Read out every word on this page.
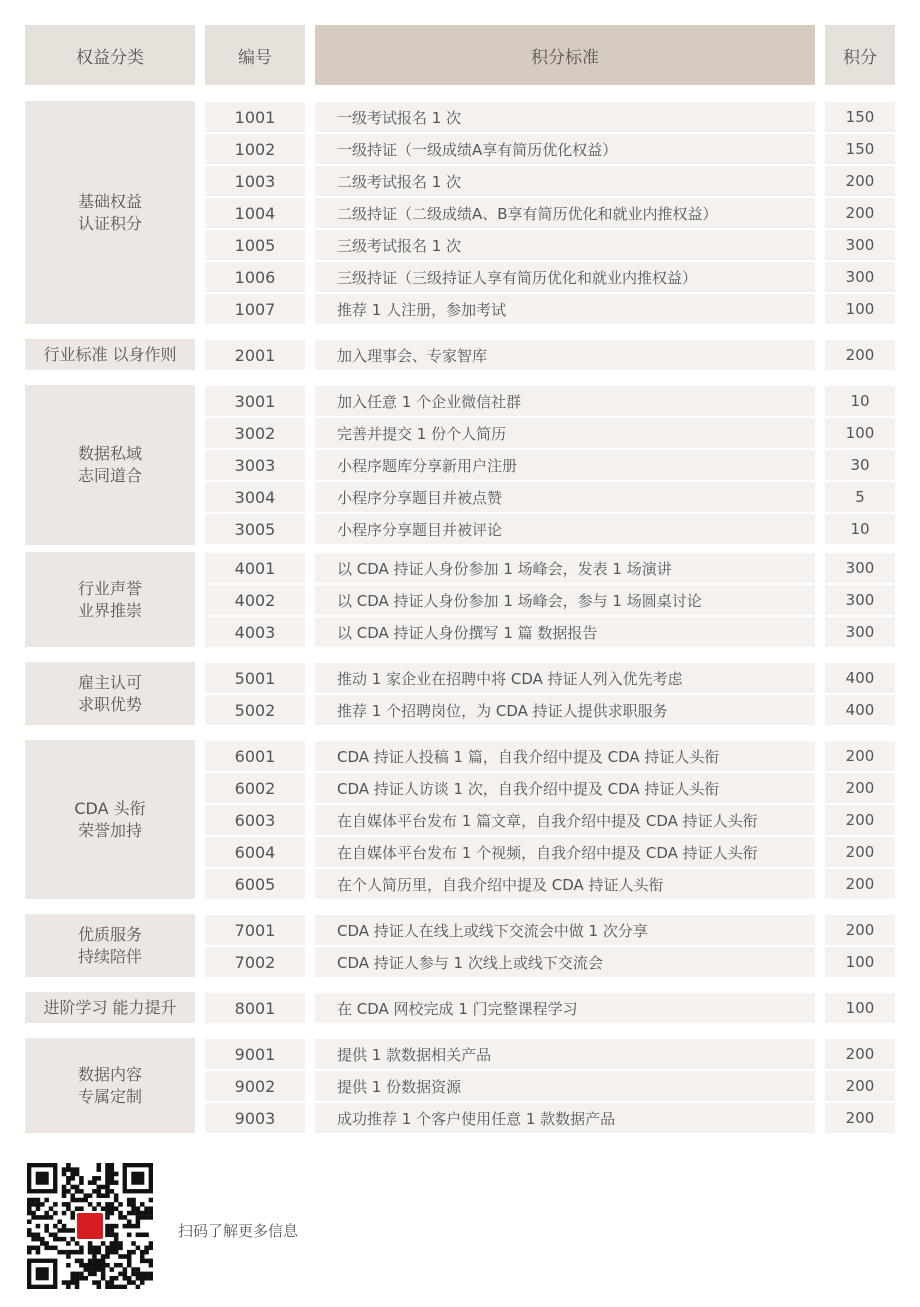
权益分类	编号	积分标准	积分
基础权益
认证积分
1001	一级考试报名 1 次	150
1002	一级持证（一级成绩A享有简历优化权益）	150
1003	二级考试报名 1 次	200
1004	二级持证（二级成绩A、B享有简历优化和就业内推权益）	200
1005	三级考试报名 1 次	300
1006	三级持证（三级持证人享有简历优化和就业内推权益）	300
1007	推荐 1 人注册，参加考试	100
行业标准 以身作则	2001	加入理事会、专家智库	200
数据私域
志同道合
3001	加入任意 1 个企业微信社群	10
3002	完善并提交 1 份个人简历	100
3003	小程序题库分享新用户注册	30
3004	小程序分享题目并被点赞	5
3005	小程序分享题目并被评论	10
行业声誉
业界推崇
4001	以 CDA 持证人身份参加 1 场峰会，发表 1 场演讲	300
4002	以 CDA 持证人身份参加 1 场峰会，参与 1 场圆桌讨论	300
4003	以 CDA 持证人身份撰写 1 篇 数据报告	300
雇主认可
求职优势
5001	推动 1 家企业在招聘中将 CDA 持证人列入优先考虑	400
5002	推荐 1 个招聘岗位，为 CDA 持证人提供求职服务	400
CDA 头衔
荣誉加持
6001	CDA 持证人投稿 1 篇，自我介绍中提及 CDA 持证人头衔	200
6002	CDA 持证人访谈 1 次，自我介绍中提及 CDA 持证人头衔	200
6003	在自媒体平台发布 1 篇文章，自我介绍中提及 CDA 持证人头衔	200
6004	在自媒体平台发布 1 个视频，自我介绍中提及 CDA 持证人头衔	200
6005	在个人简历里，自我介绍中提及 CDA 持证人头衔	200
优质服务
持续陪伴
7001	CDA 持证人在线上或线下交流会中做 1 次分享	200
7002	CDA 持证人参与 1 次线上或线下交流会	100
进阶学习 能力提升	8001	在 CDA 网校完成 1 门完整课程学习	100
数据内容
专属定制
9001	提供 1 款数据相关产品	200
9002	提供 1 份数据资源	200
9003	成功推荐 1 个客户使用任意 1 款数据产品	200
扫码了解更多信息
